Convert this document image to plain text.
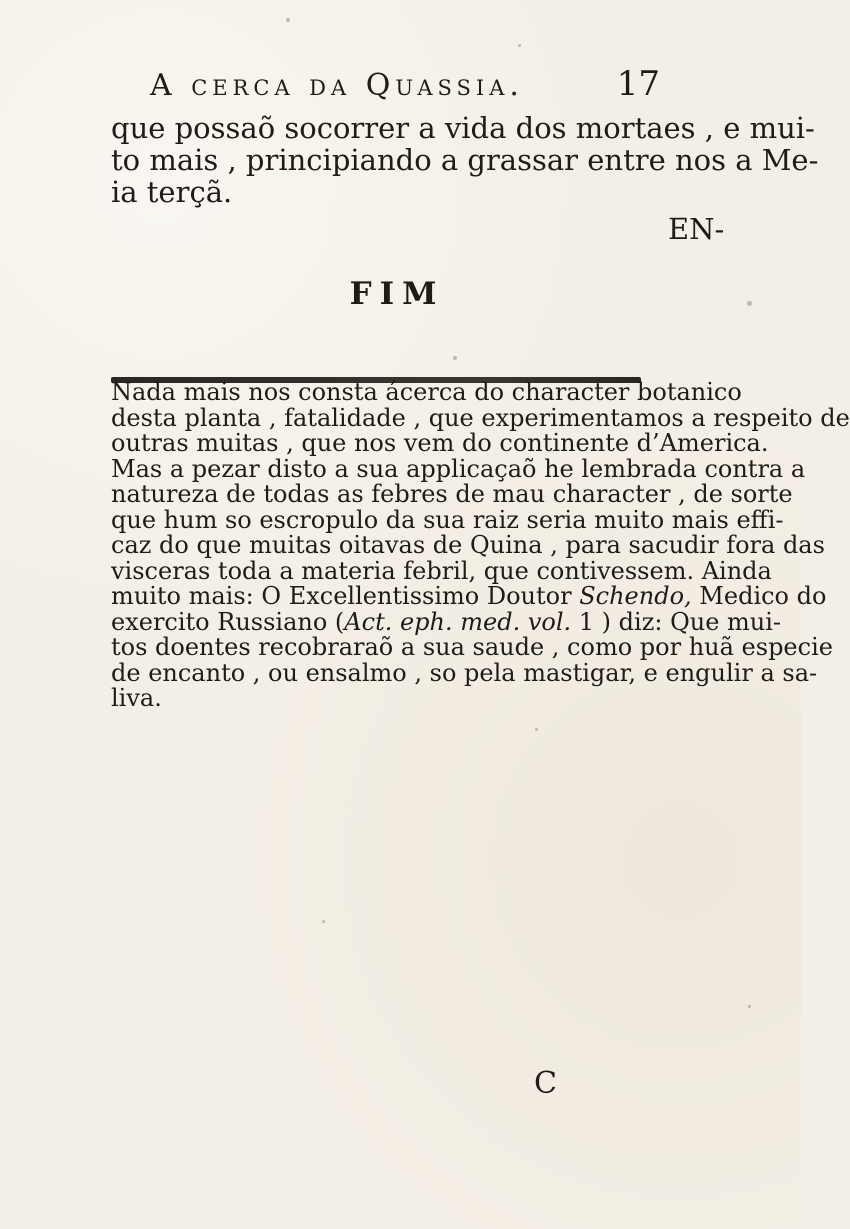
A cerca da Quassia.	17

que possaõ socorrer a vida dos mortaes , e mui-
to mais , principiando a grassar entre nos a Me-
ia terçã.

EN-
FIM

Nada mais nos consta ácerca do character botanico
desta planta , fatalidade , que experimentamos a respeito de
outras muitas , que nos vem do continente d’America.
Mas a pezar disto a sua applicaçaõ he lembrada contra a
natureza de todas as febres de mau character , de sorte
que hum so escropulo da sua raiz seria muito mais effi-
caz do que muitas oitavas de Quina , para sacudir fora das
visceras toda a materia febril, que contivessem. Ainda
muito mais: O Excellentissimo Doutor Schendo, Medico do
exercito Russiano (Act. eph. med. vol. 1 ) diz: Que mui-
tos doentes recobraraõ a sua saude , como por huã especie
de encanto , ou ensalmo , so pela mastigar, e engulir a sa-
liva.

C
